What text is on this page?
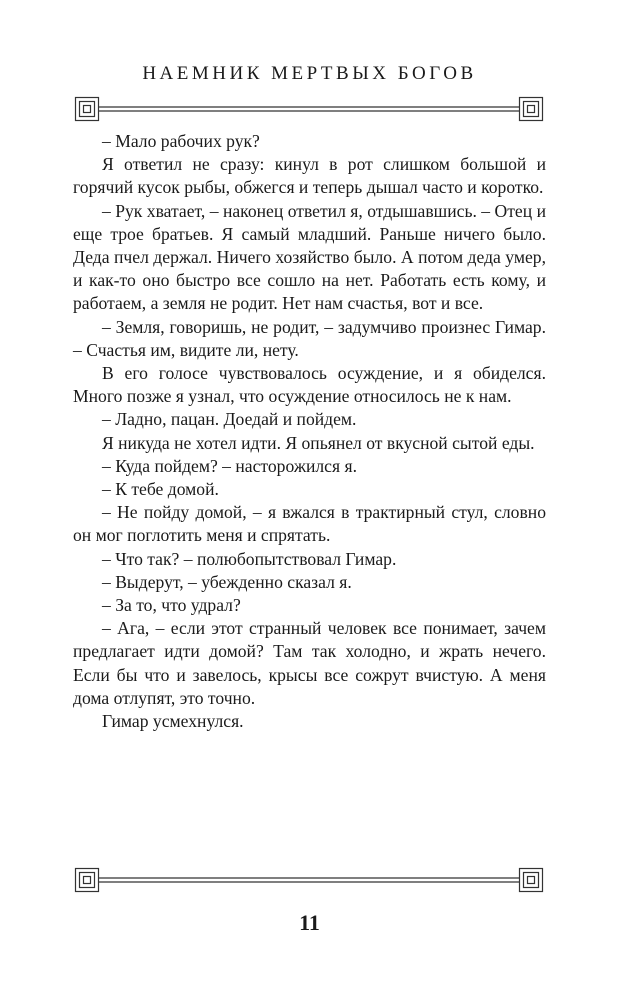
НАЕМНИК МЕРТВЫХ БОГОВ

– Мало рабочих рук?

Я ответил не сразу: кинул в рот слишком большой и горячий кусок рыбы, обжегся и теперь дышал часто и коротко.

– Рук хватает, – наконец ответил я, отдышавшись. – Отец и еще трое братьев. Я самый младший. Раньше ничего было. Деда пчел держал. Ничего хозяйство было. А потом деда умер, и как-то оно быстро все сошло на нет. Работать есть кому, и работаем, а земля не родит. Нет нам счастья, вот и все.

– Земля, говоришь, не родит, – задумчиво произнес Гимар. – Счастья им, видите ли, нету.

В его голосе чувствовалось осуждение, и я обиделся. Много позже я узнал, что осуждение относилось не к нам.

– Ладно, пацан. Доедай и пойдем.

Я никуда не хотел идти. Я опьянел от вкусной сытой еды.

– Куда пойдем? – насторожился я.

– К тебе домой.

– Не пойду домой, – я вжался в трактирный стул, словно он мог поглотить меня и спрятать.

– Что так? – полюбопытствовал Гимар.

– Выдерут, – убежденно сказал я.

– За то, что удрал?

– Ага, – если этот странный человек все понимает, зачем предлагает идти домой? Там так холодно, и жрать нечего. Если бы что и завелось, крысы все сожрут вчистую. А меня дома отлупят, это точно.

Гимар усмехнулся.

11
